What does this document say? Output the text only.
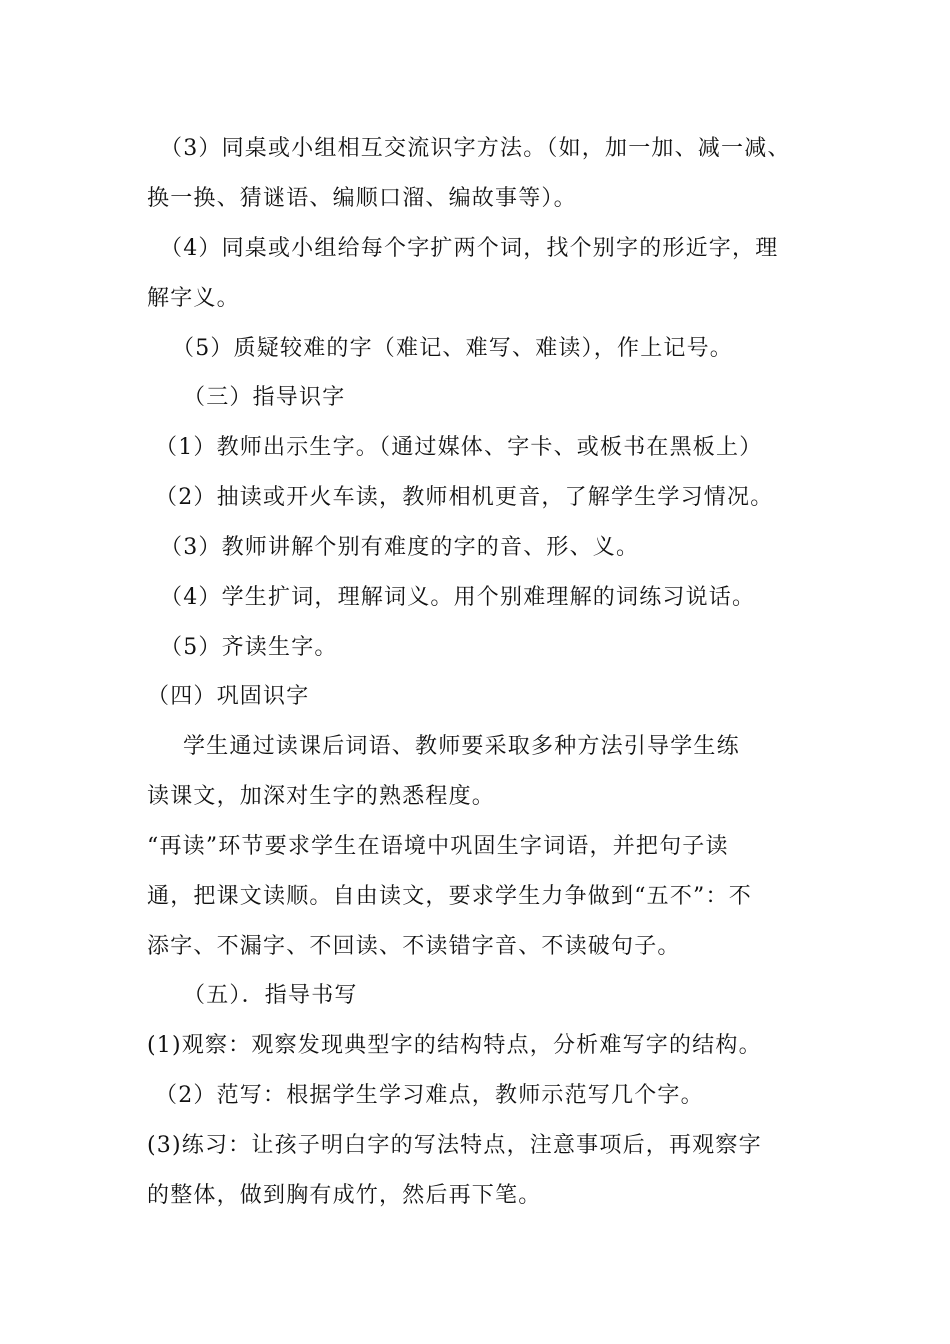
（3）同桌或小组相互交流识字方法。（如，加一加、减一减、
换一换、猜谜语、编顺口溜、编故事等）。
（4）同桌或小组给每个字扩两个词，找个别字的形近字，理
解字义。
（5）质疑较难的字（难记、难写、难读），作上记号。
（三）指导识字
（1）教师出示生字。（通过媒体、字卡、或板书在黑板上）
（2）抽读或开火车读，教师相机更音，了解学生学习情况。
（3）教师讲解个别有难度的字的音、形、义。
（4）学生扩词，理解词义。用个别难理解的词练习说话。
（5）齐读生字。
（四）巩固识字
学生通过读课后词语、教师要采取多种方法引导学生练
读课文，加深对生字的熟悉程度。
“再读”环节要求学生在语境中巩固生字词语，并把句子读
通，把课文读顺。自由读文，要求学生力争做到“五不”：不
添字、不漏字、不回读、不读错字音、不读破句子。
（五）．指导书写
(1)观察：观察发现典型字的结构特点，分析难写字的结构。
（2）范写：根据学生学习难点，教师示范写几个字。
(3)练习：让孩子明白字的写法特点，注意事项后，再观察字
的整体，做到胸有成竹，然后再下笔。
